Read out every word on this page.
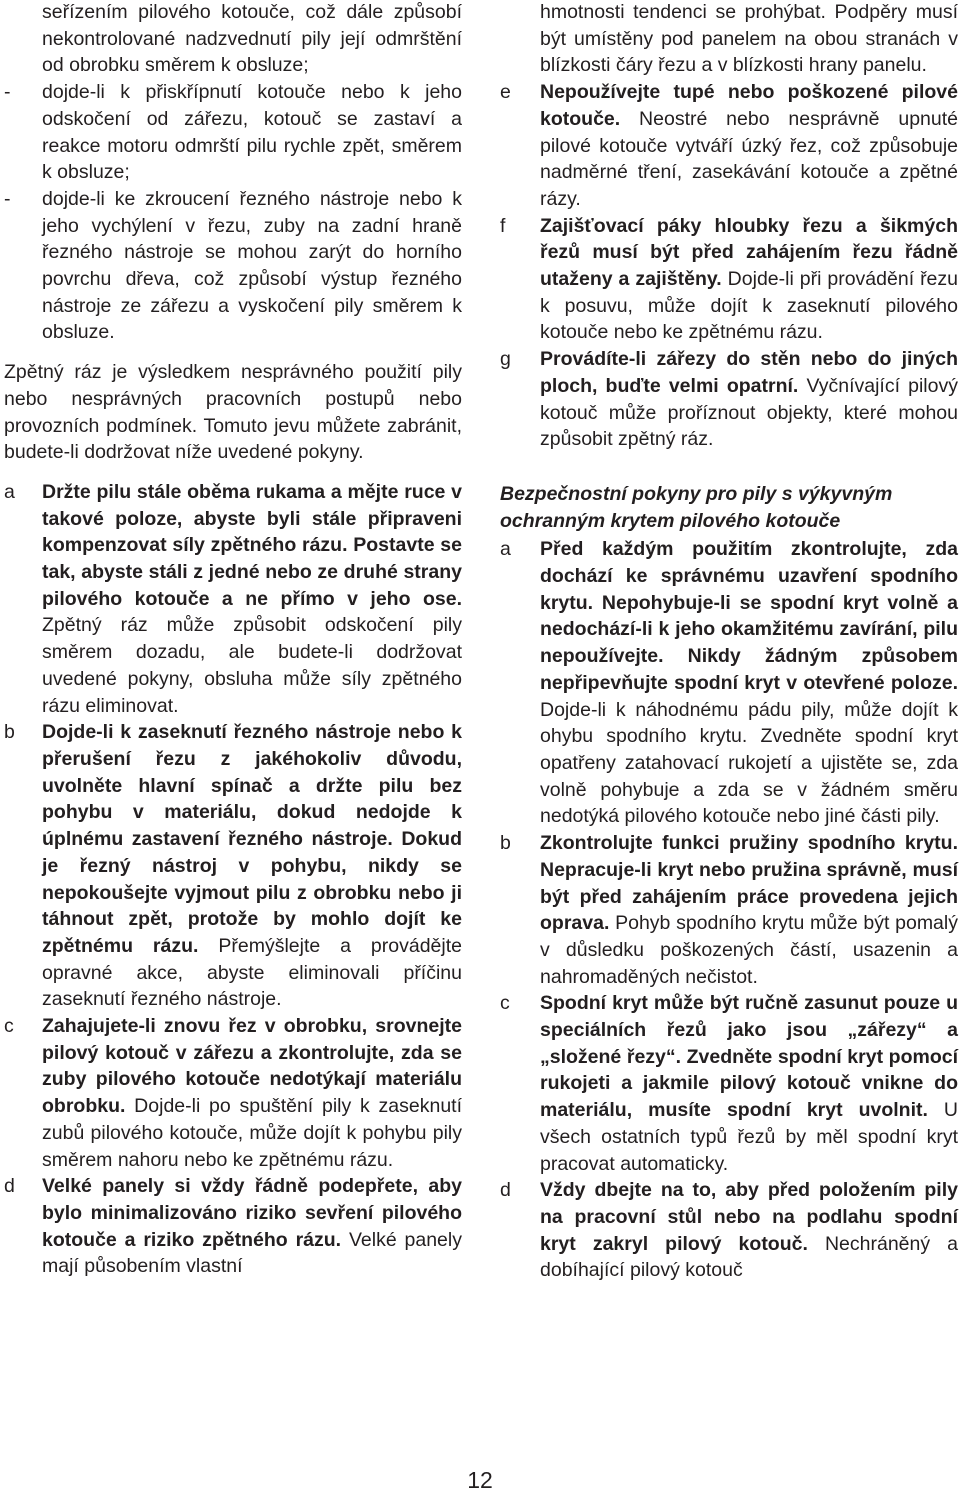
seřízením pilového kotouče, což dále způsobí nekontrolované nadzvednutí pily její odmrštění od obrobku směrem k obsluze;

- dojde-li k přiskřípnutí kotouče nebo k jeho odskočení od zářezu, kotouč se zastaví a reakce motoru odmrští pilu rychle zpět, směrem k obsluze;
- dojde-li ke zkroucení řezného nástroje nebo k jeho vychýlení v řezu, zuby na zadní hraně řezného nástroje se mohou zarýt do horního povrchu dřeva, což způsobí výstup řezného nástroje ze zářezu a vyskočení pily směrem k obsluze.

Zpětný ráz je výsledkem nesprávného použití pily nebo nesprávných pracovních postupů nebo provozních podmínek. Tomuto jevu můžete zabránit, budete-li dodržovat níže uvedené pokyny.

a Držte pilu stále oběma rukama a mějte ruce v takové poloze, abyste byli stále připraveni kompenzovat síly zpětného rázu. Postavte se tak, abyste stáli z jedné nebo ze druhé strany pilového kotouče a ne přímo v jeho ose. Zpětný ráz může způsobit odskočení pily směrem dozadu, ale budete-li dodržovat uvedené pokyny, obsluha může síly zpětného rázu eliminovat.
b Dojde-li k zaseknutí řezného nástroje nebo k přerušení řezu z jakéhokoliv důvodu, uvolněte hlavní spínač a držte pilu bez pohybu v materiálu, dokud nedojde k úplnému zastavení řezného nástroje. Dokud je řezný nástroj v pohybu, nikdy se nepokoušejte vyjmout pilu z obrobku nebo ji táhnout zpět, protože by mohlo dojít ke zpětnému rázu. Přemýšlejte a provádějte opravné akce, abyste eliminovali příčinu zaseknutí řezného nástroje.
c Zahajujete-li znovu řez v obrobku, srovnejte pilový kotouč v zářezu a zkontrolujte, zda se zuby pilového kotouče nedotýkají materiálu obrobku. Dojde-li po spuštění pily k zaseknutí zubů pilového kotouče, může dojít k pohybu pily směrem nahoru nebo ke zpětnému rázu.
d Velké panely si vždy řádně podepřete, aby bylo minimalizováno riziko sevření pilového kotouče a riziko zpětného rázu. Velké panely mají působením vlastní

hmotnosti tendenci se prohýbat. Podpěry musí být umístěny pod panelem na obou stranách v blízkosti čáry řezu a v blízkosti hrany panelu.

e Nepoužívejte tupé nebo poškozené pilové kotouče. Neostré nebo nesprávně upnuté pilové kotouče vytváří úzký řez, což způsobuje nadměrné tření, zasekávání kotouče a zpětné rázy.
f Zajišťovací páky hloubky řezu a šikmých řezů musí být před zahájením řezu řádně utaženy a zajištěny. Dojde-li při provádění řezu k posuvu, může dojít k zaseknutí pilového kotouče nebo ke zpětnému rázu.
g Provádíte-li zářezy do stěn nebo do jiných ploch, buďte velmi opatrní. Vyčnívající pilový kotouč může proříznout objekty, které mohou způsobit zpětný ráz.

Bezpečnostní pokyny pro pily s výkyvným ochranným krytem pilového kotouče

a Před každým použitím zkontrolujte, zda dochází ke správnému uzavření spodního krytu. Nepohybuje-li se spodní kryt volně a nedochází-li k jeho okamžitému zavírání, pilu nepoužívejte. Nikdy žádným způsobem nepřipevňujte spodní kryt v otevřené poloze. Dojde-li k náhodnému pádu pily, může dojít k ohybu spodního krytu. Zvedněte spodní kryt opatřeny zatahovací rukojetí a ujistěte se, zda volně pohybuje a zda se v žádném směru nedotýká pilového kotouče nebo jiné části pily.
b Zkontrolujte funkci pružiny spodního krytu. Nepracuje-li kryt nebo pružina správně, musí být před zahájením práce provedena jejich oprava. Pohyb spodního krytu může být pomalý v důsledku poškozených částí, usazenin a nahromaděných nečistot.
c Spodní kryt může být ručně zasunut pouze u speciálních řezů jako jsou „zářezy“ a „složené řezy“. Zvedněte spodní kryt pomocí rukojeti a jakmile pilový kotouč vnikne do materiálu, musíte spodní kryt uvolnit. U všech ostatních typů řezů by měl spodní kryt pracovat automaticky.
d Vždy dbejte na to, aby před položením pily na pracovní stůl nebo na podlahu spodní kryt zakryl pilový kotouč. Nechráněný a dobíhající pilový kotouč
12
